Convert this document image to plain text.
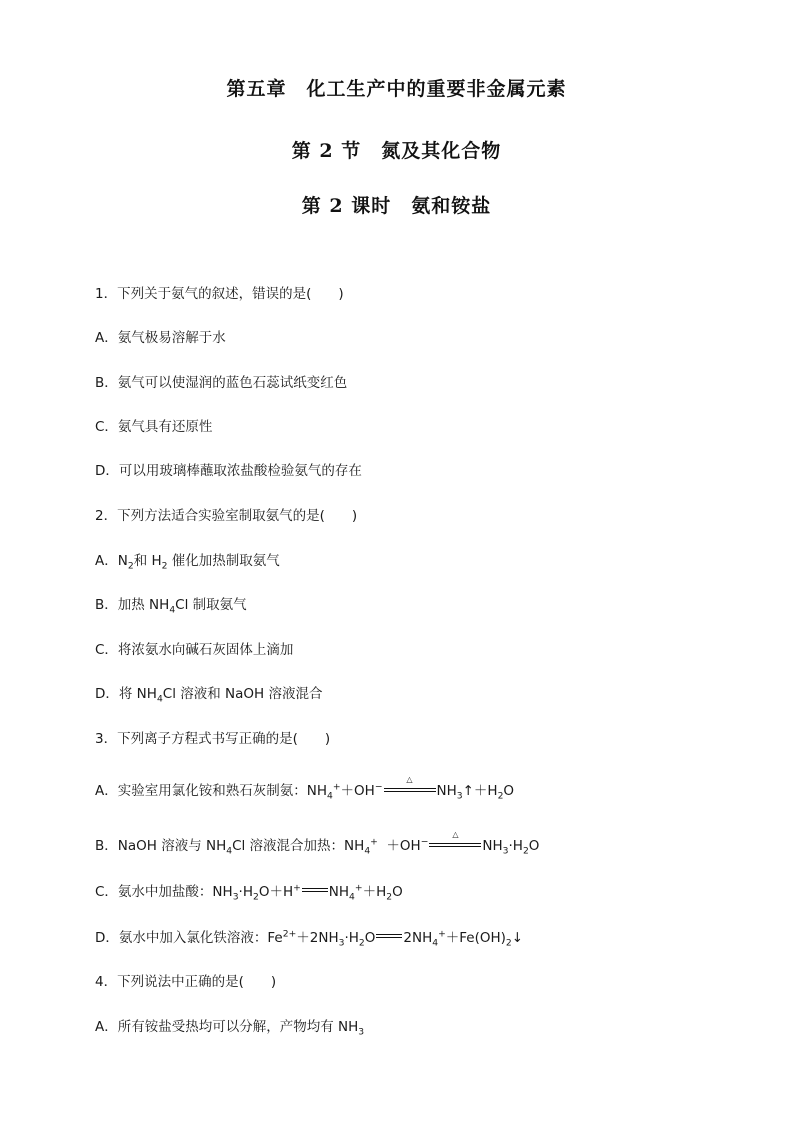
第五章　化工生产中的重要非金属元素
第 2 节　氮及其化合物
第 2 课时　氨和铵盐
1．下列关于氨气的叙述，错误的是(　　)
A．氨气极易溶解于水
B．氨气可以使湿润的蓝色石蕊试纸变红色
C．氨气具有还原性
D．可以用玻璃棒蘸取浓盐酸检验氨气的存在
2．下列方法适合实验室制取氨气的是(　　)
A．$N_2$和 $H_2$ 催化加热制取氨气
B．加热 $NH_4Cl$ 制取氨气
C．将浓氨水向碱石灰固体上滴加
D．将 $NH_4Cl$ 溶液和 NaOH 溶液混合
3．下列离子方程式书写正确的是(　　)
A．实验室用氯化铵和熟石灰制氨：$NH_4^++OH^-$
△
$NH_3↑+H_2O$
B．NaOH 溶液与 $NH_4Cl$ 溶液混合加热：$NH_4^+ +OH^-$
△
$NH_3\cdot H_2O$
C．氨水中加盐酸：$NH_3\cdot H_2O+H^+$ $NH_4^++H_2O$
D．氨水中加入氯化铁溶液：$Fe^{2+}+2NH_3\cdot H_2O$ $2NH_4^++Fe(OH)_2↓$
4．下列说法中正确的是(　　)
A．所有铵盐受热均可以分解，产物均有 $NH_3$
